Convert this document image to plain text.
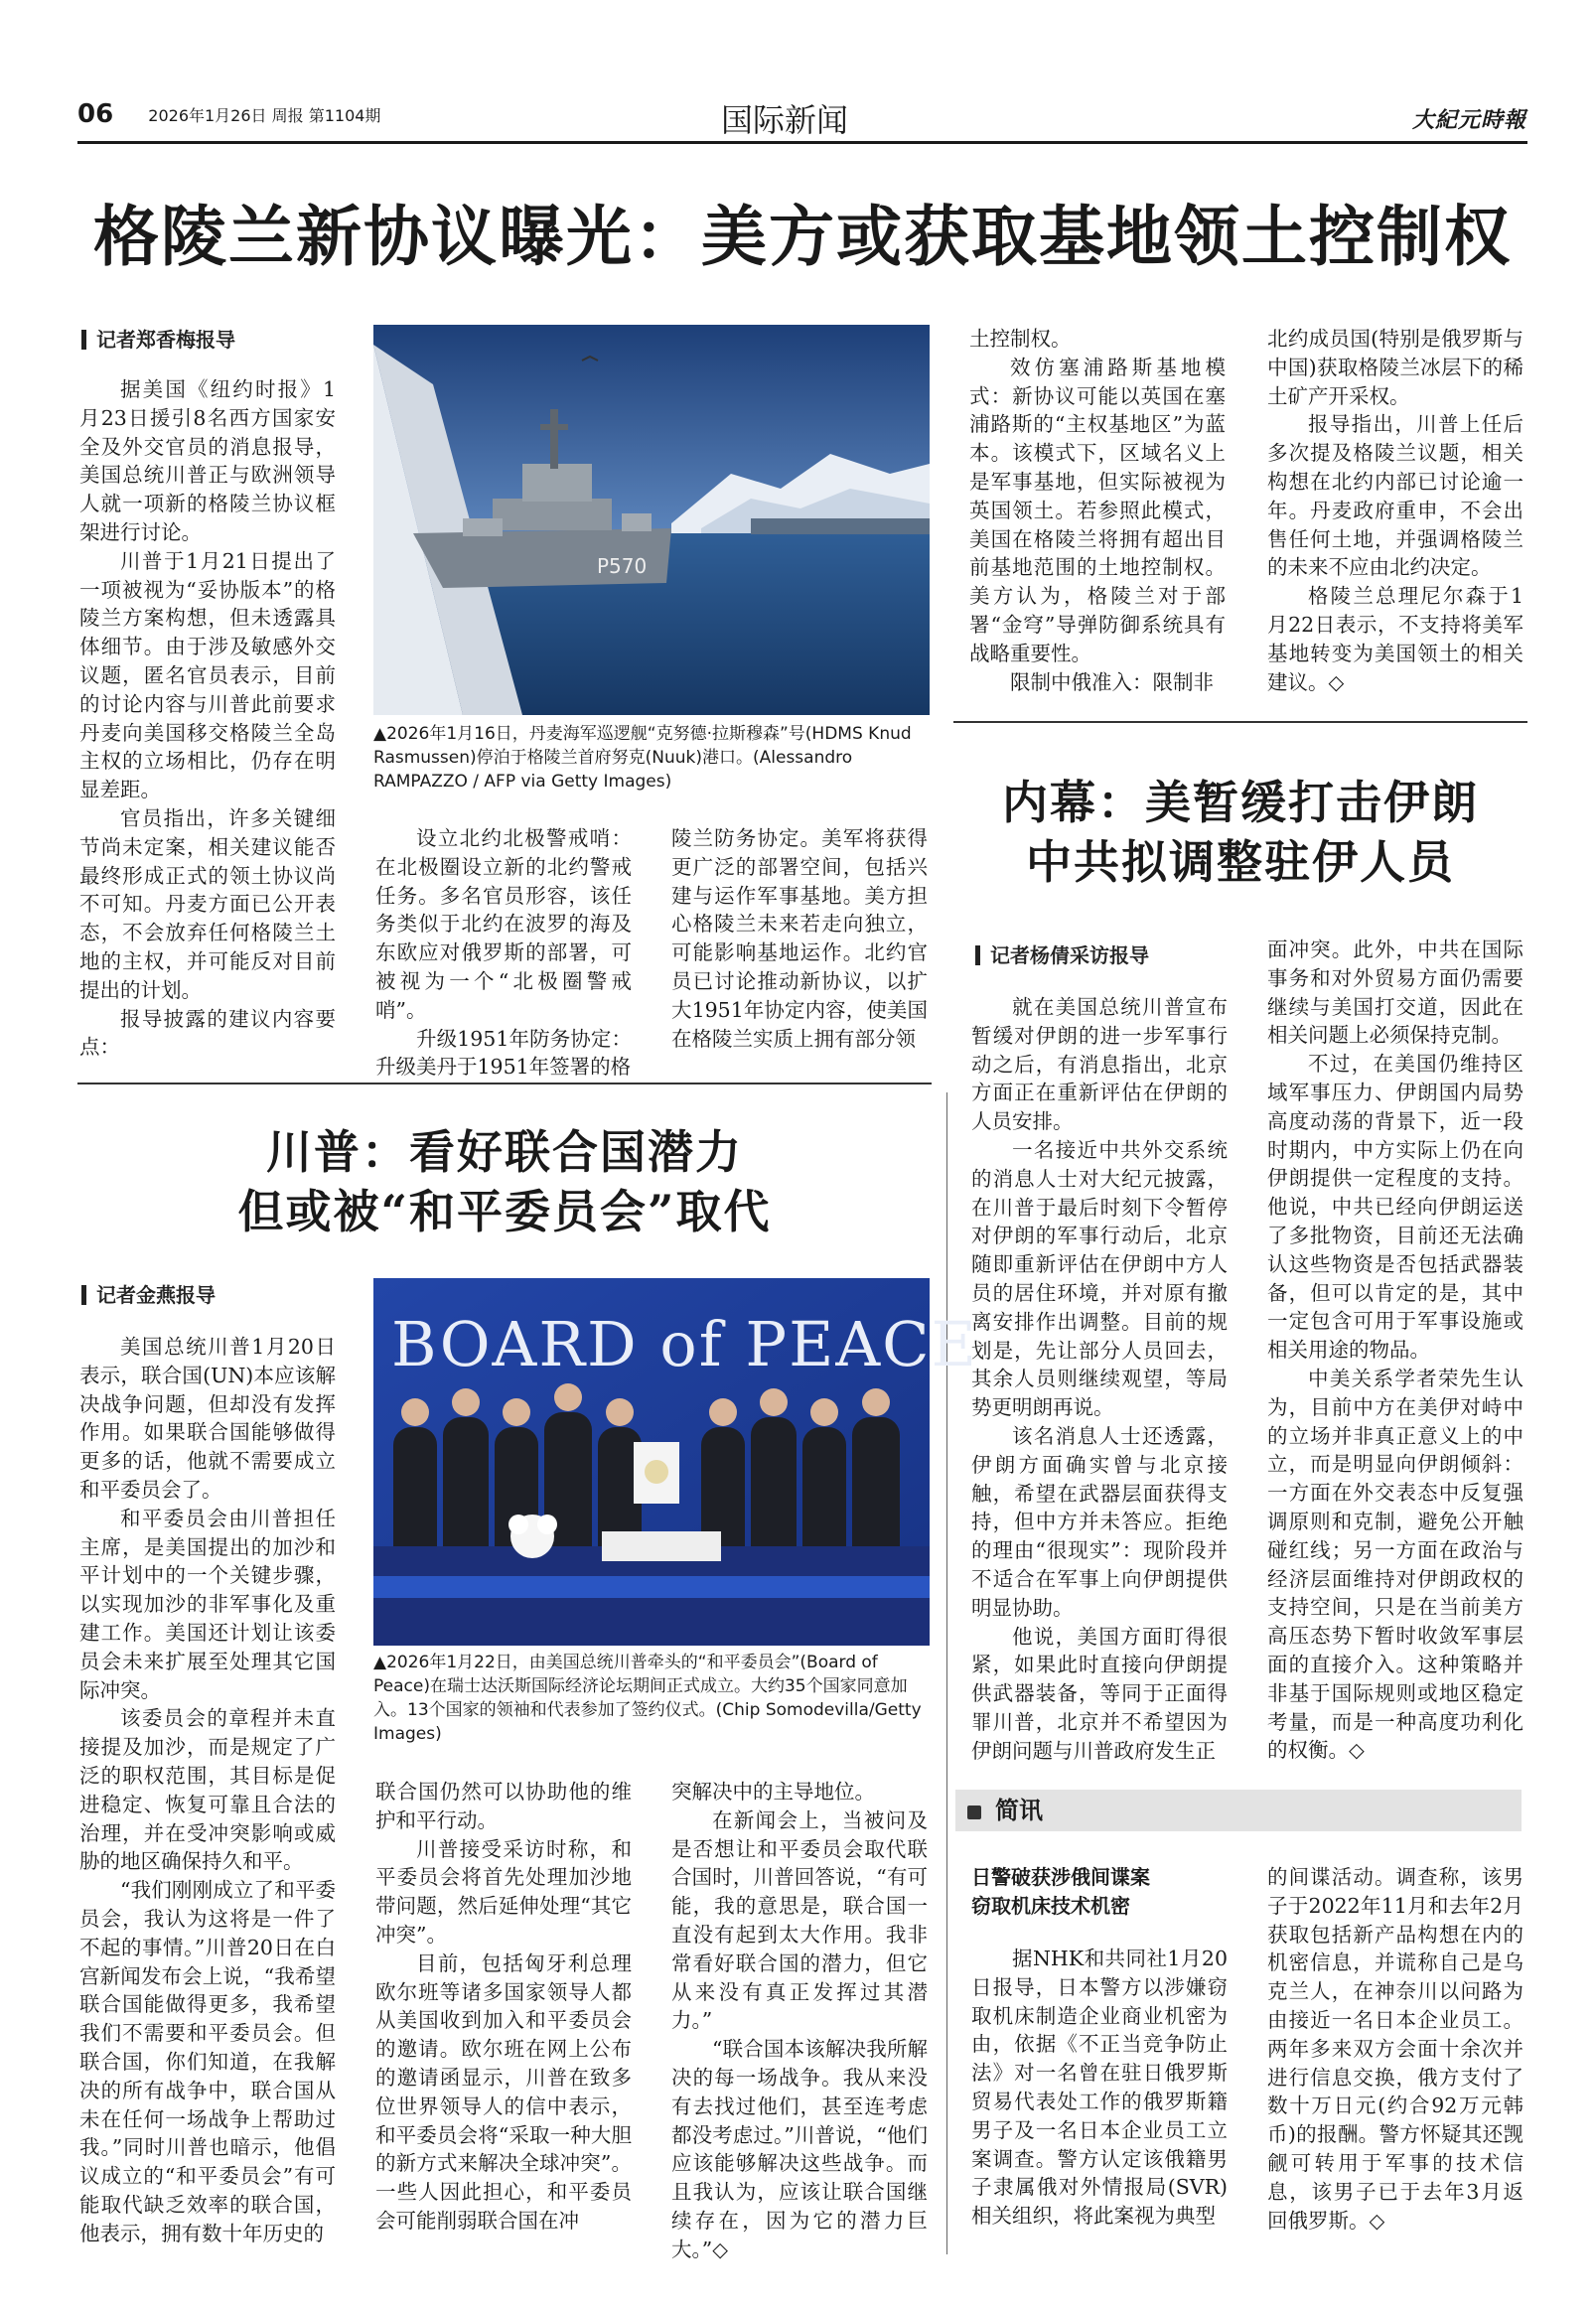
06 2026年1月26日 周报 第1104期	国际新闻	大紀元時報
格陵兰新协议曝光：美方或获取基地领土控制权
记者郑香梅报导

据美国《纽约时报》1月23日援引8名西方国家安全及外交官员的消息报导，美国总统川普正与欧洲领导人就一项新的格陵兰协议框架进行讨论。

川普于1月21日提出了一项被视为“妥协版本”的格陵兰方案构想，但未透露具体细节。由于涉及敏感外交议题，匿名官员表示，目前的讨论内容与川普此前要求丹麦向美国移交格陵兰全岛主权的立场相比，仍存在明显差距。

官员指出，许多关键细节尚未定案，相关建议能否最终形成正式的领土协议尚不可知。丹麦方面已公开表态，不会放弃任何格陵兰土地的主权，并可能反对目前提出的计划。

报导披露的建议内容要点：

P570
▲2026年1月16日，丹麦海军巡逻舰“克努德·拉斯穆森”号(HDMS Knud Rasmussen)停泊于格陵兰首府努克(Nuuk)港口。(Alessandro RAMPAZZO / AFP via Getty Images)

设立北约北极警戒哨：在北极圈设立新的北约警戒任务。多名官员形容，该任务类似于北约在波罗的海及东欧应对俄罗斯的部署，可被视为一个“北极圈警戒哨”。

升级1951年防务协定：升级美丹于1951年签署的格

陵兰防务协定。美军将获得更广泛的部署空间，包括兴建与运作军事基地。美方担心格陵兰未来若走向独立，可能影响基地运作。北约官员已讨论推动新协议，以扩大1951年协定内容，使美国在格陵兰实质上拥有部分领

土控制权。

效仿塞浦路斯基地模式：新协议可能以英国在塞浦路斯的“主权基地区”为蓝本。该模式下，区域名义上是军事基地，但实际被视为英国领土。若参照此模式，美国在格陵兰将拥有超出目前基地范围的土地控制权。美方认为，格陵兰对于部署“金穹”导弹防御系统具有战略重要性。

限制中俄准入：限制非

北约成员国(特别是俄罗斯与中国)获取格陵兰冰层下的稀土矿产开采权。

报导指出，川普上任后多次提及格陵兰议题，相关构想在北约内部已讨论逾一年。丹麦政府重申，不会出售任何土地，并强调格陵兰的未来不应由北约决定。

格陵兰总理尼尔森于1月22日表示，不支持将美军基地转变为美国领土的相关建议。◇

内幕：美暂缓打击伊朗
中共拟调整驻伊人员
记者杨倩采访报导

就在美国总统川普宣布暂缓对伊朗的进一步军事行动之后，有消息指出，北京方面正在重新评估在伊朗的人员安排。

一名接近中共外交系统的消息人士对大纪元披露，在川普于最后时刻下令暂停对伊朗的军事行动后，北京随即重新评估在伊朗中方人员的居住环境，并对原有撤离安排作出调整。目前的规划是，先让部分人员回去，其余人员则继续观望，等局势更明朗再说。

该名消息人士还透露，伊朗方面确实曾与北京接触，希望在武器层面获得支持，但中方并未答应。拒绝的理由“很现实”：现阶段并不适合在军事上向伊朗提供明显协助。

他说，美国方面盯得很紧，如果此时直接向伊朗提供武器装备，等同于正面得罪川普，北京并不希望因为伊朗问题与川普政府发生正

面冲突。此外，中共在国际事务和对外贸易方面仍需要继续与美国打交道，因此在相关问题上必须保持克制。

不过，在美国仍维持区域军事压力、伊朗国内局势高度动荡的背景下，近一段时期内，中方实际上仍在向伊朗提供一定程度的支持。他说，中共已经向伊朗运送了多批物资，目前还无法确认这些物资是否包括武器装备，但可以肯定的是，其中一定包含可用于军事设施或相关用途的物品。

中美关系学者荣先生认为，目前中方在美伊对峙中的立场并非真正意义上的中立，而是明显向伊朗倾斜：一方面在外交表态中反复强调原则和克制，避免公开触碰红线；另一方面在政治与经济层面维持对伊朗政权的支持空间，只是在当前美方高压态势下暂时收敛军事层面的直接介入。这种策略并非基于国际规则或地区稳定考量，而是一种高度功利化的权衡。◇

川普：看好联合国潜力
但或被“和平委员会”取代
记者金燕报导

美国总统川普1月20日表示，联合国(UN)本应该解决战争问题，但却没有发挥作用。如果联合国能够做得更多的话，他就不需要成立和平委员会了。

和平委员会由川普担任主席，是美国提出的加沙和平计划中的一个关键步骤，以实现加沙的非军事化及重建工作。美国还计划让该委员会未来扩展至处理其它国际冲突。

该委员会的章程并未直接提及加沙，而是规定了广泛的职权范围，其目标是促进稳定、恢复可靠且合法的治理，并在受冲突影响或威胁的地区确保持久和平。

“我们刚刚成立了和平委员会，我认为这将是一件了不起的事情。”川普20日在白宫新闻发布会上说，“我希望联合国能做得更多，我希望我们不需要和平委员会。但联合国，你们知道，在我解决的所有战争中，联合国从未在任何一场战争上帮助过我。”同时川普也暗示，他倡议成立的“和平委员会”有可能取代缺乏效率的联合国，他表示，拥有数十年历史的

BOARD of PEACE
▲2026年1月22日，由美国总统川普牵头的“和平委员会”(Board of Peace)在瑞士达沃斯国际经济论坛期间正式成立。大约35个国家同意加入。13个国家的领袖和代表参加了签约仪式。(Chip Somodevilla/Getty Images)

联合国仍然可以协助他的维护和平行动。

川普接受采访时称，和平委员会将首先处理加沙地带问题，然后延伸处理“其它冲突”。

目前，包括匈牙利总理欧尔班等诸多国家领导人都从美国收到加入和平委员会的邀请。欧尔班在网上公布的邀请函显示，川普在致多位世界领导人的信中表示，和平委员会将“采取一种大胆的新方式来解决全球冲突”。一些人因此担心，和平委员会可能削弱联合国在冲

突解决中的主导地位。

在新闻会上，当被问及是否想让和平委员会取代联合国时，川普回答说，“有可能，我的意思是，联合国一直没有起到太大作用。我非常看好联合国的潜力，但它从来没有真正发挥过其潜力。”

“联合国本该解决我所解决的每一场战争。我从来没有去找过他们，甚至连考虑都没考虑过。”川普说，“他们应该能够解决这些战争。而且我认为，应该让联合国继续存在，因为它的潜力巨大。”◇

简讯
日警破获涉俄间谍案
窃取机床技术机密

据NHK和共同社1月20日报导，日本警方以涉嫌窃取机床制造企业商业机密为由，依据《不正当竞争防止法》对一名曾在驻日俄罗斯贸易代表处工作的俄罗斯籍男子及一名日本企业员工立案调查。警方认定该俄籍男子隶属俄对外情报局(SVR)相关组织，将此案视为典型

的间谍活动。调查称，该男子于2022年11月和去年2月获取包括新产品构想在内的机密信息，并谎称自己是乌克兰人，在神奈川以问路为由接近一名日本企业员工。两年多来双方会面十余次并进行信息交换，俄方支付了数十万日元(约合92万元韩币)的报酬。警方怀疑其还觊觎可转用于军事的技术信息，该男子已于去年3月返回俄罗斯。◇
